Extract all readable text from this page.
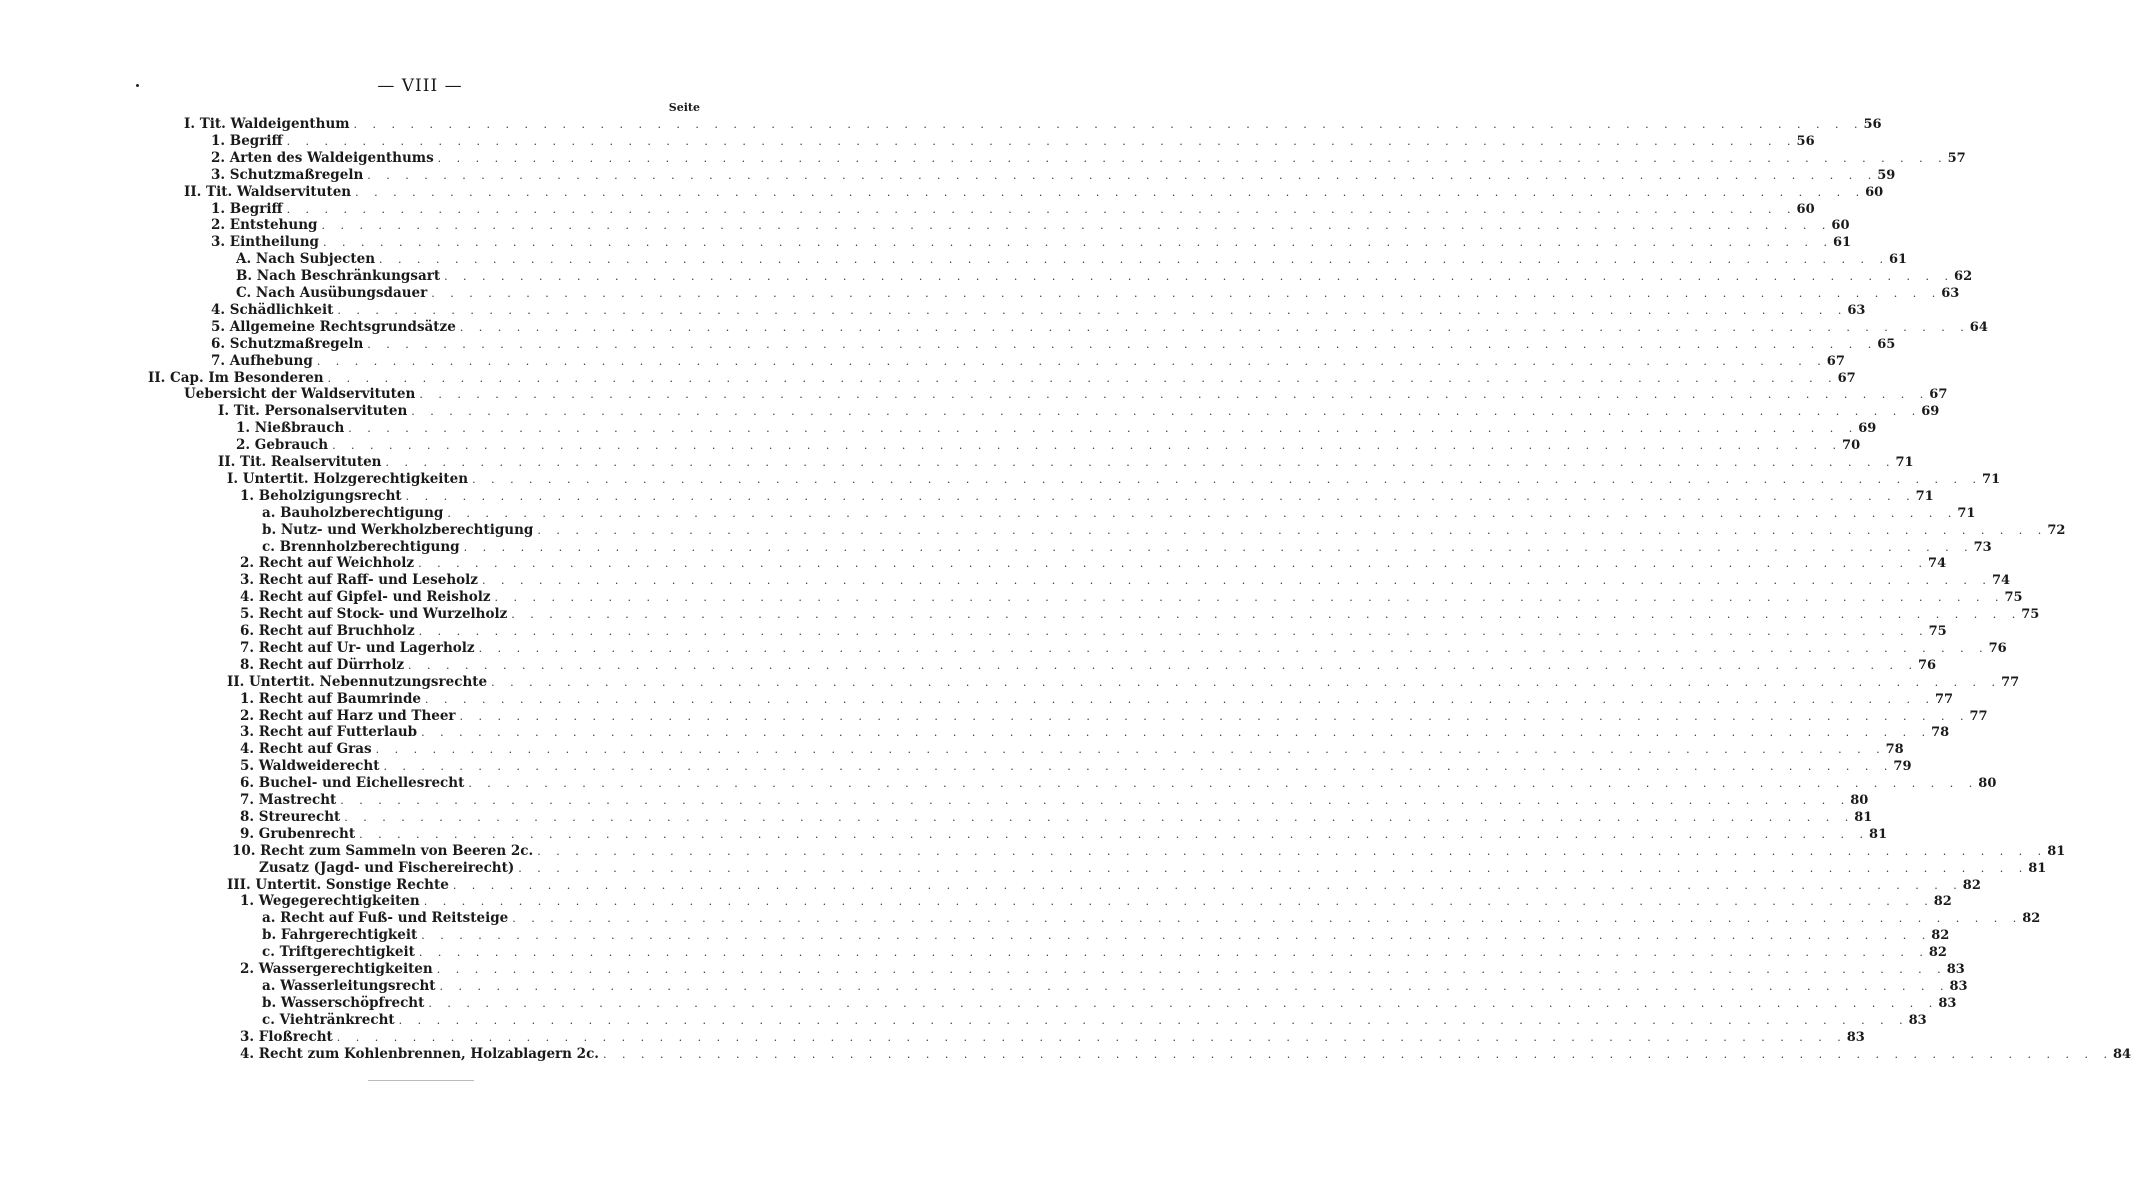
— VIII —
Seite
I. Tit. Waldeigenthum . . . . . . . . . . . . . . . . . . . . . . . . . . . . . . . . . . . . . . . . . . . . . . . . . . . . . . . . . . . . . . . . . . . . . . . . . . . . . . . . 56
1. Begriff . . . . . . . . . . . . . . . . . . . . . . . . . . . . . . . . . . . . . . . . . . . . . . . . . . . . . . . . . . . . . . . . . . . . . . . . . . . . . . . . 56
2. Arten des Waldeigenthums . . . . . . . . . . . . . . . . . . . . . . . . . . . . . . . . . . . . . . . . . . . . . . . . . . . . . . . . . . . . . . . . . . . . . . . . . . . . . . . . 57
3. Schutzmaßregeln . . . . . . . . . . . . . . . . . . . . . . . . . . . . . . . . . . . . . . . . . . . . . . . . . . . . . . . . . . . . . . . . . . . . . . . . . . . . . . . . 59
II. Tit. Waldservituten . . . . . . . . . . . . . . . . . . . . . . . . . . . . . . . . . . . . . . . . . . . . . . . . . . . . . . . . . . . . . . . . . . . . . . . . . . . . . . . . 60
1. Begriff . . . . . . . . . . . . . . . . . . . . . . . . . . . . . . . . . . . . . . . . . . . . . . . . . . . . . . . . . . . . . . . . . . . . . . . . . . . . . . . . 60
2. Entstehung . . . . . . . . . . . . . . . . . . . . . . . . . . . . . . . . . . . . . . . . . . . . . . . . . . . . . . . . . . . . . . . . . . . . . . . . . . . . . . . . 60
3. Eintheilung . . . . . . . . . . . . . . . . . . . . . . . . . . . . . . . . . . . . . . . . . . . . . . . . . . . . . . . . . . . . . . . . . . . . . . . . . . . . . . . . 61
A. Nach Subjecten . . . . . . . . . . . . . . . . . . . . . . . . . . . . . . . . . . . . . . . . . . . . . . . . . . . . . . . . . . . . . . . . . . . . . . . . . . . . . . . . 61
B. Nach Beschränkungsart . . . . . . . . . . . . . . . . . . . . . . . . . . . . . . . . . . . . . . . . . . . . . . . . . . . . . . . . . . . . . . . . . . . . . . . . . . . . . . . . 62
C. Nach Ausübungsdauer . . . . . . . . . . . . . . . . . . . . . . . . . . . . . . . . . . . . . . . . . . . . . . . . . . . . . . . . . . . . . . . . . . . . . . . . . . . . . . . . 63
4. Schädlichkeit . . . . . . . . . . . . . . . . . . . . . . . . . . . . . . . . . . . . . . . . . . . . . . . . . . . . . . . . . . . . . . . . . . . . . . . . . . . . . . . . 63
5. Allgemeine Rechtsgrundsätze . . . . . . . . . . . . . . . . . . . . . . . . . . . . . . . . . . . . . . . . . . . . . . . . . . . . . . . . . . . . . . . . . . . . . . . . . . . . . . . . 64
6. Schutzmaßregeln . . . . . . . . . . . . . . . . . . . . . . . . . . . . . . . . . . . . . . . . . . . . . . . . . . . . . . . . . . . . . . . . . . . . . . . . . . . . . . . . 65
7. Aufhebung . . . . . . . . . . . . . . . . . . . . . . . . . . . . . . . . . . . . . . . . . . . . . . . . . . . . . . . . . . . . . . . . . . . . . . . . . . . . . . . . 67
II. Cap. Im Besonderen . . . . . . . . . . . . . . . . . . . . . . . . . . . . . . . . . . . . . . . . . . . . . . . . . . . . . . . . . . . . . . . . . . . . . . . . . . . . . . . . 67
Uebersicht der Waldservituten . . . . . . . . . . . . . . . . . . . . . . . . . . . . . . . . . . . . . . . . . . . . . . . . . . . . . . . . . . . . . . . . . . . . . . . . . . . . . . . . 67
I. Tit. Personalservituten . . . . . . . . . . . . . . . . . . . . . . . . . . . . . . . . . . . . . . . . . . . . . . . . . . . . . . . . . . . . . . . . . . . . . . . . . . . . . . . . 69
1. Nießbrauch . . . . . . . . . . . . . . . . . . . . . . . . . . . . . . . . . . . . . . . . . . . . . . . . . . . . . . . . . . . . . . . . . . . . . . . . . . . . . . . . 69
2. Gebrauch . . . . . . . . . . . . . . . . . . . . . . . . . . . . . . . . . . . . . . . . . . . . . . . . . . . . . . . . . . . . . . . . . . . . . . . . . . . . . . . . 70
II. Tit. Realservituten . . . . . . . . . . . . . . . . . . . . . . . . . . . . . . . . . . . . . . . . . . . . . . . . . . . . . . . . . . . . . . . . . . . . . . . . . . . . . . . . 71
I. Untertit. Holzgerechtigkeiten . . . . . . . . . . . . . . . . . . . . . . . . . . . . . . . . . . . . . . . . . . . . . . . . . . . . . . . . . . . . . . . . . . . . . . . . . . . . . . . . 71
1. Beholzigungsrecht . . . . . . . . . . . . . . . . . . . . . . . . . . . . . . . . . . . . . . . . . . . . . . . . . . . . . . . . . . . . . . . . . . . . . . . . . . . . . . . . 71
a. Bauholzberechtigung . . . . . . . . . . . . . . . . . . . . . . . . . . . . . . . . . . . . . . . . . . . . . . . . . . . . . . . . . . . . . . . . . . . . . . . . . . . . . . . . 71
b. Nutz- und Werkholzberechtigung . . . . . . . . . . . . . . . . . . . . . . . . . . . . . . . . . . . . . . . . . . . . . . . . . . . . . . . . . . . . . . . . . . . . . . . . . . . . . . . . 72
c. Brennholzberechtigung . . . . . . . . . . . . . . . . . . . . . . . . . . . . . . . . . . . . . . . . . . . . . . . . . . . . . . . . . . . . . . . . . . . . . . . . . . . . . . . . 73
2. Recht auf Weichholz . . . . . . . . . . . . . . . . . . . . . . . . . . . . . . . . . . . . . . . . . . . . . . . . . . . . . . . . . . . . . . . . . . . . . . . . . . . . . . . . 74
3. Recht auf Raff- und Leseholz . . . . . . . . . . . . . . . . . . . . . . . . . . . . . . . . . . . . . . . . . . . . . . . . . . . . . . . . . . . . . . . . . . . . . . . . . . . . . . . . 74
4. Recht auf Gipfel- und Reisholz . . . . . . . . . . . . . . . . . . . . . . . . . . . . . . . . . . . . . . . . . . . . . . . . . . . . . . . . . . . . . . . . . . . . . . . . . . . . . . . . 75
5. Recht auf Stock- und Wurzelholz . . . . . . . . . . . . . . . . . . . . . . . . . . . . . . . . . . . . . . . . . . . . . . . . . . . . . . . . . . . . . . . . . . . . . . . . . . . . . . . . 75
6. Recht auf Bruchholz . . . . . . . . . . . . . . . . . . . . . . . . . . . . . . . . . . . . . . . . . . . . . . . . . . . . . . . . . . . . . . . . . . . . . . . . . . . . . . . . 75
7. Recht auf Ur- und Lagerholz . . . . . . . . . . . . . . . . . . . . . . . . . . . . . . . . . . . . . . . . . . . . . . . . . . . . . . . . . . . . . . . . . . . . . . . . . . . . . . . . 76
8. Recht auf Dürrholz . . . . . . . . . . . . . . . . . . . . . . . . . . . . . . . . . . . . . . . . . . . . . . . . . . . . . . . . . . . . . . . . . . . . . . . . . . . . . . . . 76
II. Untertit. Nebennutzungsrechte . . . . . . . . . . . . . . . . . . . . . . . . . . . . . . . . . . . . . . . . . . . . . . . . . . . . . . . . . . . . . . . . . . . . . . . . . . . . . . . . 77
1. Recht auf Baumrinde . . . . . . . . . . . . . . . . . . . . . . . . . . . . . . . . . . . . . . . . . . . . . . . . . . . . . . . . . . . . . . . . . . . . . . . . . . . . . . . . 77
2. Recht auf Harz und Theer . . . . . . . . . . . . . . . . . . . . . . . . . . . . . . . . . . . . . . . . . . . . . . . . . . . . . . . . . . . . . . . . . . . . . . . . . . . . . . . . 77
3. Recht auf Futterlaub . . . . . . . . . . . . . . . . . . . . . . . . . . . . . . . . . . . . . . . . . . . . . . . . . . . . . . . . . . . . . . . . . . . . . . . . . . . . . . . . 78
4. Recht auf Gras . . . . . . . . . . . . . . . . . . . . . . . . . . . . . . . . . . . . . . . . . . . . . . . . . . . . . . . . . . . . . . . . . . . . . . . . . . . . . . . . 78
5. Waldweiderecht . . . . . . . . . . . . . . . . . . . . . . . . . . . . . . . . . . . . . . . . . . . . . . . . . . . . . . . . . . . . . . . . . . . . . . . . . . . . . . . . 79
6. Buchel- und Eichellesrecht . . . . . . . . . . . . . . . . . . . . . . . . . . . . . . . . . . . . . . . . . . . . . . . . . . . . . . . . . . . . . . . . . . . . . . . . . . . . . . . . 80
7. Mastrecht . . . . . . . . . . . . . . . . . . . . . . . . . . . . . . . . . . . . . . . . . . . . . . . . . . . . . . . . . . . . . . . . . . . . . . . . . . . . . . . . 80
8. Streurecht . . . . . . . . . . . . . . . . . . . . . . . . . . . . . . . . . . . . . . . . . . . . . . . . . . . . . . . . . . . . . . . . . . . . . . . . . . . . . . . . 81
9. Grubenrecht . . . . . . . . . . . . . . . . . . . . . . . . . . . . . . . . . . . . . . . . . . . . . . . . . . . . . . . . . . . . . . . . . . . . . . . . . . . . . . . . 81
10. Recht zum Sammeln von Beeren 2c. . . . . . . . . . . . . . . . . . . . . . . . . . . . . . . . . . . . . . . . . . . . . . . . . . . . . . . . . . . . . . . . . . . . . . . . . . . . . . . . . 81
Zusatz (Jagd- und Fischereirecht) . . . . . . . . . . . . . . . . . . . . . . . . . . . . . . . . . . . . . . . . . . . . . . . . . . . . . . . . . . . . . . . . . . . . . . . . . . . . . . . . 81
III. Untertit. Sonstige Rechte . . . . . . . . . . . . . . . . . . . . . . . . . . . . . . . . . . . . . . . . . . . . . . . . . . . . . . . . . . . . . . . . . . . . . . . . . . . . . . . . 82
1. Wegegerechtigkeiten . . . . . . . . . . . . . . . . . . . . . . . . . . . . . . . . . . . . . . . . . . . . . . . . . . . . . . . . . . . . . . . . . . . . . . . . . . . . . . . . 82
a. Recht auf Fuß- und Reitsteige . . . . . . . . . . . . . . . . . . . . . . . . . . . . . . . . . . . . . . . . . . . . . . . . . . . . . . . . . . . . . . . . . . . . . . . . . . . . . . . . 82
b. Fahrgerechtigkeit . . . . . . . . . . . . . . . . . . . . . . . . . . . . . . . . . . . . . . . . . . . . . . . . . . . . . . . . . . . . . . . . . . . . . . . . . . . . . . . . 82
c. Triftgerechtigkeit . . . . . . . . . . . . . . . . . . . . . . . . . . . . . . . . . . . . . . . . . . . . . . . . . . . . . . . . . . . . . . . . . . . . . . . . . . . . . . . . 82
2. Wassergerechtigkeiten . . . . . . . . . . . . . . . . . . . . . . . . . . . . . . . . . . . . . . . . . . . . . . . . . . . . . . . . . . . . . . . . . . . . . . . . . . . . . . . . 83
a. Wasserleitungsrecht . . . . . . . . . . . . . . . . . . . . . . . . . . . . . . . . . . . . . . . . . . . . . . . . . . . . . . . . . . . . . . . . . . . . . . . . . . . . . . . . 83
b. Wasserschöpfrecht . . . . . . . . . . . . . . . . . . . . . . . . . . . . . . . . . . . . . . . . . . . . . . . . . . . . . . . . . . . . . . . . . . . . . . . . . . . . . . . . 83
c. Viehtränkrecht . . . . . . . . . . . . . . . . . . . . . . . . . . . . . . . . . . . . . . . . . . . . . . . . . . . . . . . . . . . . . . . . . . . . . . . . . . . . . . . . 83
3. Floßrecht . . . . . . . . . . . . . . . . . . . . . . . . . . . . . . . . . . . . . . . . . . . . . . . . . . . . . . . . . . . . . . . . . . . . . . . . . . . . . . . . 83
4. Recht zum Kohlenbrennen, Holzablagern 2c. . . . . . . . . . . . . . . . . . . . . . . . . . . . . . . . . . . . . . . . . . . . . . . . . . . . . . . . . . . . . . . . . . . . . . . . . . . . . . . . . 84
